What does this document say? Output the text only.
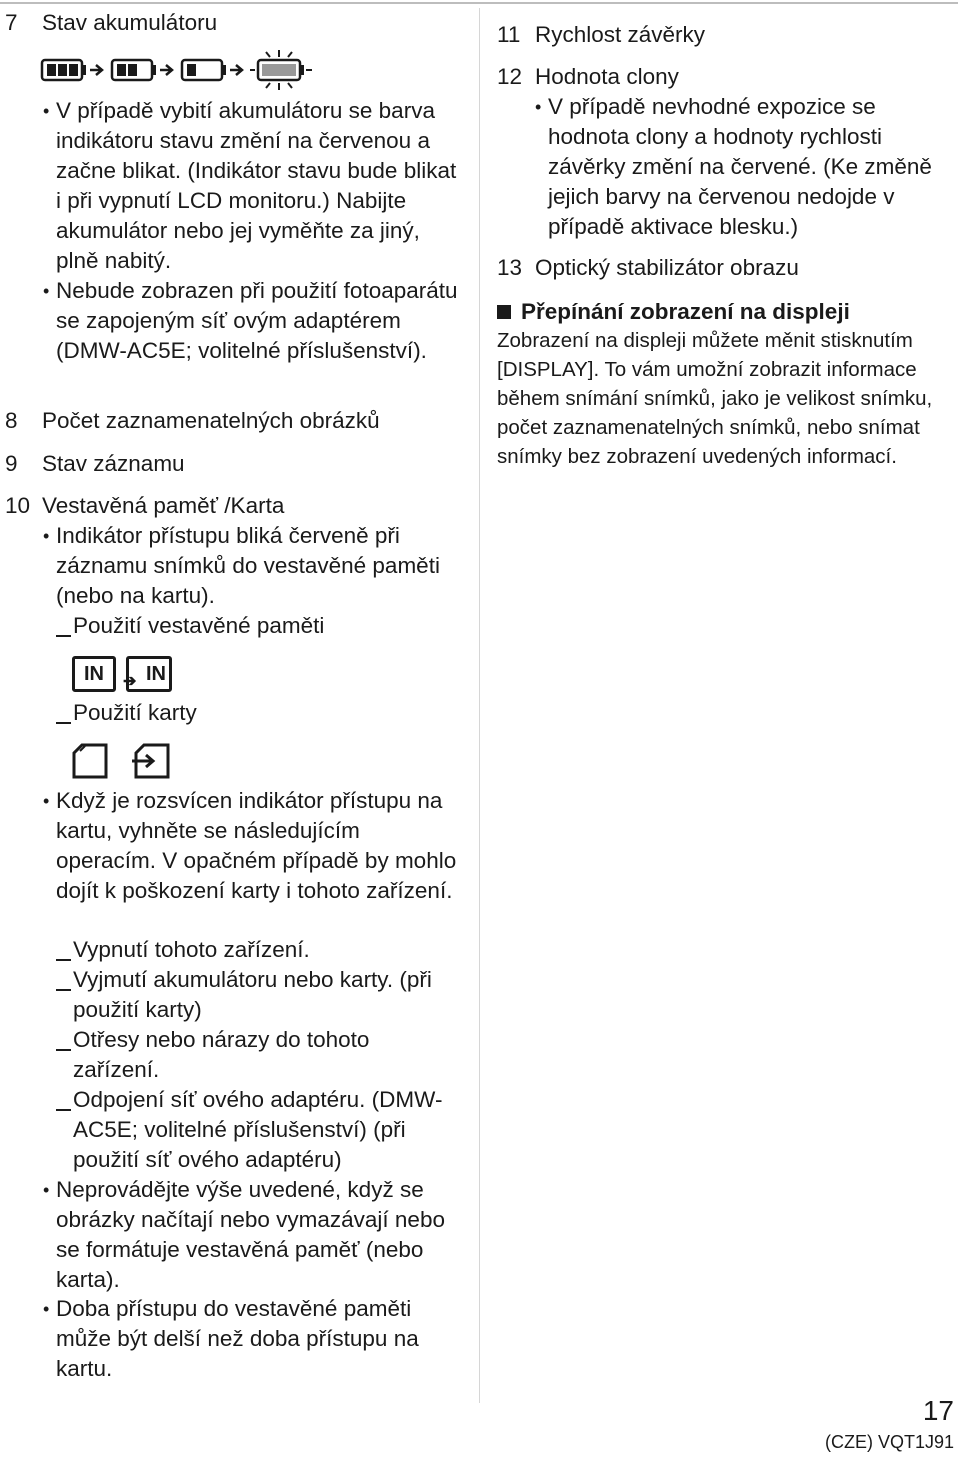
7	Stav akumulátoru
• V případě vybití akumulátoru se barva indikátoru stavu změní na červenou a začne blikat. (Indikátor stavu bude blikat i při vypnutí LCD monitoru.) Nabijte akumulátor nebo jej vyměňte za jiný, plně nabitý.
• Nebude zobrazen při použití fotoaparátu se zapojeným síť ovým adaptérem (DMW-AC5E; volitelné příslušenství).
8	Počet zaznamenatelných obrázků
9	Stav záznamu
10 Vestavěná paměť /Karta
• Indikátor přístupu bliká červeně při záznamu snímků do vestavěné paměti (nebo na kartu).
Použití vestavěné paměti
IN ➔ IN
Použití karty
• Když je rozsvícen indikátor přístupu na kartu, vyhněte se následujícím operacím. V opačném případě by mohlo dojít k poškození karty i tohoto zařízení.
Vypnutí tohoto zařízení.
Vyjmutí akumulátoru nebo karty. (při použití karty)
Otřesy nebo nárazy do tohoto zařízení.
Odpojení síť ového adaptéru. (DMW-AC5E; volitelné příslušenství) (při použití síť ového adaptéru)
• Neprovádějte výše uvedené, když se obrázky načítají nebo vymazávají nebo se formátuje vestavěná paměť (nebo karta).
• Doba přístupu do vestavěné paměti může být delší než doba přístupu na kartu.
11 Rychlost závěrky
12 Hodnota clony
• V případě nevhodné expozice se hodnota clony a hodnoty rychlosti závěrky změní na červené. (Ke změně jejich barvy na červenou nedojde v případě aktivace blesku.)
13 Optický stabilizátor obrazu
Přepínání zobrazení na displeji
Zobrazení na displeji můžete měnit stisknutím [DISPLAY]. To vám umožní zobrazit informace během snímání snímků, jako je velikost snímku, počet zaznamenatelných snímků, nebo snímat snímky bez zobrazení uvedených informací.
17
(CZE) VQT1J91
